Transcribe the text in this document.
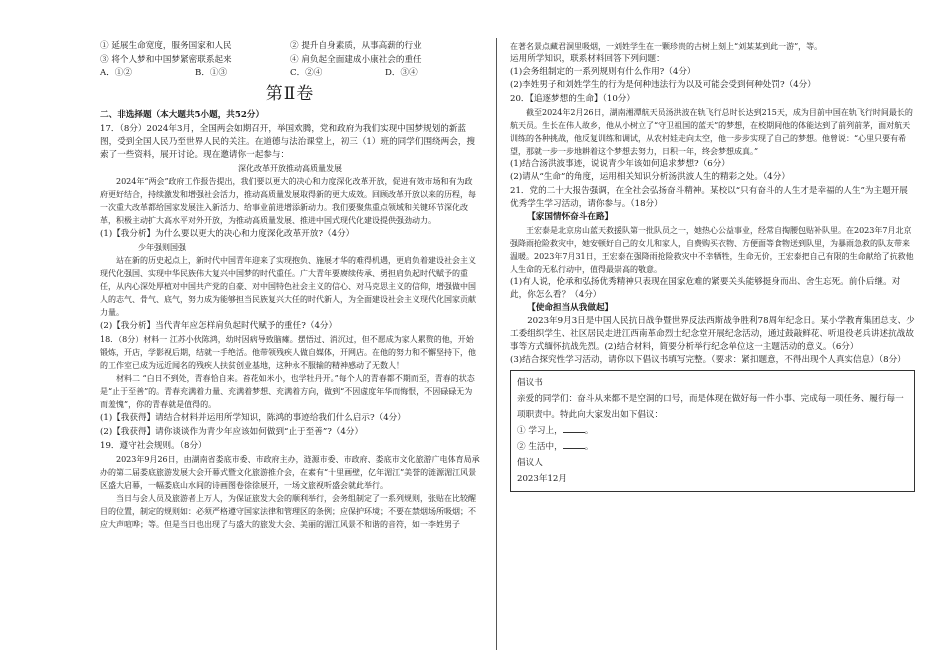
① 延展生命宽度，服务国家和人民	② 提升自身素质，从事高薪的行业

③ 将个人梦和中国梦紧密联系起来	④ 肩负起全面建成小康社会的重任

A．①②	B．①③	C．②④	D．③④

第Ⅱ卷

二、非选择题（本大题共5小题，共52分）

17．（8分）2024年3月，全国两会如期召开，举国欢腾，党和政府为我们实现中国梦规划的新蓝图，受到全国人民乃至世界人民的关注。在道德与法治课堂上，初三（1）班的同学们围绕两会，搜索了一些资料，展开讨论。现在邀请你一起参与：

深化改革开放推动高质量发展

2024年“两会”政府工作报告提出，我们要以更大的决心和力度深化改革开放，促进有效市场和有为政府更好结合，持续激发和增强社会活力，推动高质量发展取得新的更大成效。回顾改革开放以来的历程，每一次重大改革都给国家发展注入新活力、给事业前进增添新动力。我们要聚焦重点领域和关键环节深化改革，积极主动扩大高水平对外开放，为推动高质量发展、推进中国式现代化建设提供强劲动力。

(1)【我分析】为什么要以更大的决心和力度深化改革开放?（4分）

少年强则国强

站在新的历史起点上，新时代中国青年迎来了实现抱负、施展才华的难得机遇，更肩负着建设社会主义现代化强国、实现中华民族伟大复兴中国梦的时代重任。广大青年要赓续传承、勇担肩负起时代赋予的重任，从内心深处厚植对中国共产党的自豪、对中国特色社会主义的信心、对马克思主义的信仰，增强做中国人的志气、骨气、底气，努力成为能够担当民族复兴大任的时代新人，为全面建设社会主义现代化国家贡献力量。

(2)【我分析】当代青年应怎样肩负起时代赋予的重任?（4分）

18．（8分）材料一 江苏小伙陈鸿，幼时因病导致脑瘫。摆悟过、消沉过，但不愿成为家人累赘的他，开始锻炼，开店，学影视后期，结就一手绝活。他带领残疾人做自媒体，开网店。在他的努力和不懈坚持下，他的工作室已成为远近闻名的残疾人扶贫创业基地，这种永不服输的精神感动了无数人！

材料二 “白日不到处，青春恰自来。苔花如米小，也学牡丹开。”每个人的青春都不期而至，青春的状态是“止于至善”的。青春充满着力量、充满着梦想、充满着方向，做到“不因虚度年华而悔恨，不因碌碌无为而羞愧”，你的青春就是值得的。

(1)【我获得】请结合材料并运用所学知识，陈鸿的事迹给我们什么启示?（4分）

(2)【我获得】请你谈谈作为青少年应该如何做到“止于至善”?（4分）

19．遵守社会规则。（8分）

2023年9月26日，由湖南省娄底市委、市政府主办，涟源市委、市政府、娄底市文化旅游广电体育局承办的第二届娄底旅游发展大会开幕式暨文化旅游推介会，在素有“十里画壁，亿年湄江”美誉的涟源湄江风景区盛大启幕，一幅娄底山水间的诗画图卷徐徐展开，一场文旅视听盛会就此举行。

当日与会人员及旅游者上万人，为保证旅发大会的顺利举行，会务组制定了一系列规则，张贴在比较醒目的位置，制定的规则如：必须严格遵守国家法律和管理区的条例；应保护环境；不要在禁烟场所吸烟；不应大声喧哗；等。但是当日也出现了与盛大的旅发大会、美丽的湄江风景不和谐的音符，如一李姓男子

在著名景点藏君洞里吸烟，一刘姓学生在一颗珍贵的古树上刻上“刘某某到此一游”，等。

运用所学知识，联系材料回答下列问题：

(1)会务组制定的一系列规则有什么作用?（4分）

(2)李姓男子和刘姓学生的行为是何种违法行为以及可能会受到何种处罚?（4分）

20．【追逐梦想的生命】（10分）

截至2024年2月26日，湖南湘潭航天员汤洪波在轨飞行总时长达到215天，成为目前中国在轨飞行时间最长的航天员。生长在伟人故乡，他从小树立了“守卫祖国的蓝天”的梦想，在校期间他的体能达到了前列前茅，面对航天训练的各种挑战，他反复训练和调试，从农村娃走向太空，他一步步实现了自己的梦想。他曾说：“心里只要有希望，那就一步一步地耕着这个梦想去努力，日积一年，终会梦想成真。”

(1)结合汤洪波事迹，说说青少年该如何追求梦想?（6分）

(2)请从“生命”的角度，运用相关知识分析汤洪波人生的精彩之处。（4分）

21．党的二十大报告强调，在全社会弘扬奋斗精神。某校以“只有奋斗的人生才是幸福的人生”为主题开展优秀学生学习活动，请你参与。（18分）

【家国情怀奋斗在路】

王宏泰是北京房山蓝天救援队第一批队员之一，她热心公益事业，经常自掏腰包贴补队里。在2023年7月北京强降雨抢险救灾中，她安顿好自己的女儿和家人，自费购买衣物、方便面等食物送到队里，为暴雨急救的队友带来温暖。2023年7月31日，王宏泰在强降雨抢险救灾中不幸牺牲，生命无价，王宏泰把自己有限的生命献给了抗救他人生命的无私行动中，值得最崇高的敬意。

(1)有人说，伦承和弘扬优秀精神只表现在国家危难的紧要关头能够挺身而出、舍生忘死。前仆后继。对此，你怎么看？（4分）

【使命担当从我做起】

2023年9月3日是中国人民抗日战争暨世界反法西斯战争胜利78周年纪念日。某小学教育集团总支、少工委组织学生、社区居民走进江西南革命烈士纪念堂开展纪念活动，通过鼓敲鲜花、听退役老兵讲述抗战故事等方式缅怀抗战先烈。(2)结合材料，简要分析举行纪念单位这一主题活动的意义。（6分）

(3)结合探究性学习活动，请你以下倡议书填写完整。（要求：紧扣题意，不得出现个人真实信息）（8分）

倡议书

亲爱的同学们：奋斗从来都不是空洞的口号，而是体现在做好每一件小事、完成每一项任务、履行每一项职责中。特此向大家发出如下倡议：

① 学习上，	。

② 生活中，	。

倡议人

2023年12月
